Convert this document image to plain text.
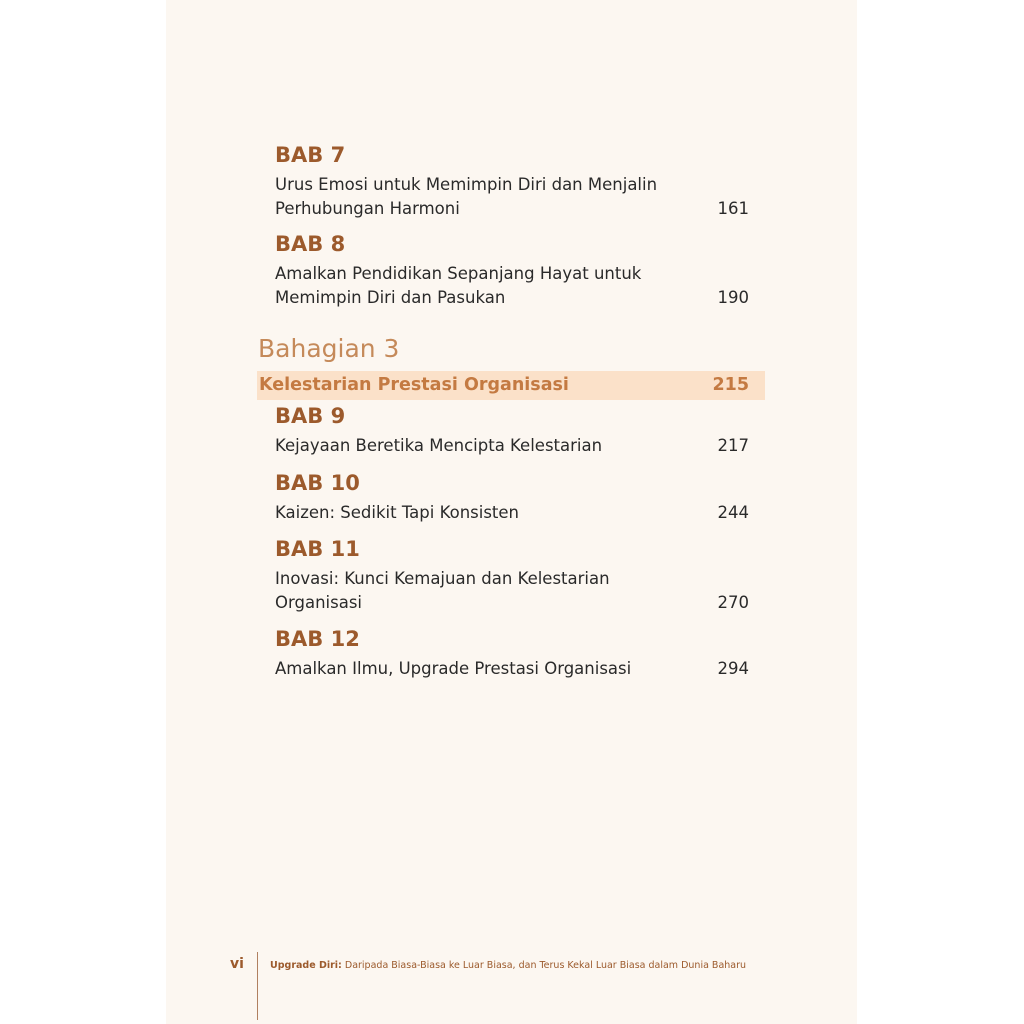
BAB 7
Urus Emosi untuk Memimpin Diri dan Menjalin
Perhubungan Harmoni	161
BAB 8
Amalkan Pendidikan Sepanjang Hayat untuk
Memimpin Diri dan Pasukan	190
Bahagian 3
Kelestarian Prestasi Organisasi	215
BAB 9
Kejayaan Beretika Mencipta Kelestarian	217
BAB 10
Kaizen: Sedikit Tapi Konsisten	244
BAB 11
Inovasi: Kunci Kemajuan dan Kelestarian
Organisasi	270
BAB 12
Amalkan Ilmu, Upgrade Prestasi Organisasi	294
vi	Upgrade Diri: Daripada Biasa-Biasa ke Luar Biasa, dan Terus Kekal Luar Biasa dalam Dunia Baharu
